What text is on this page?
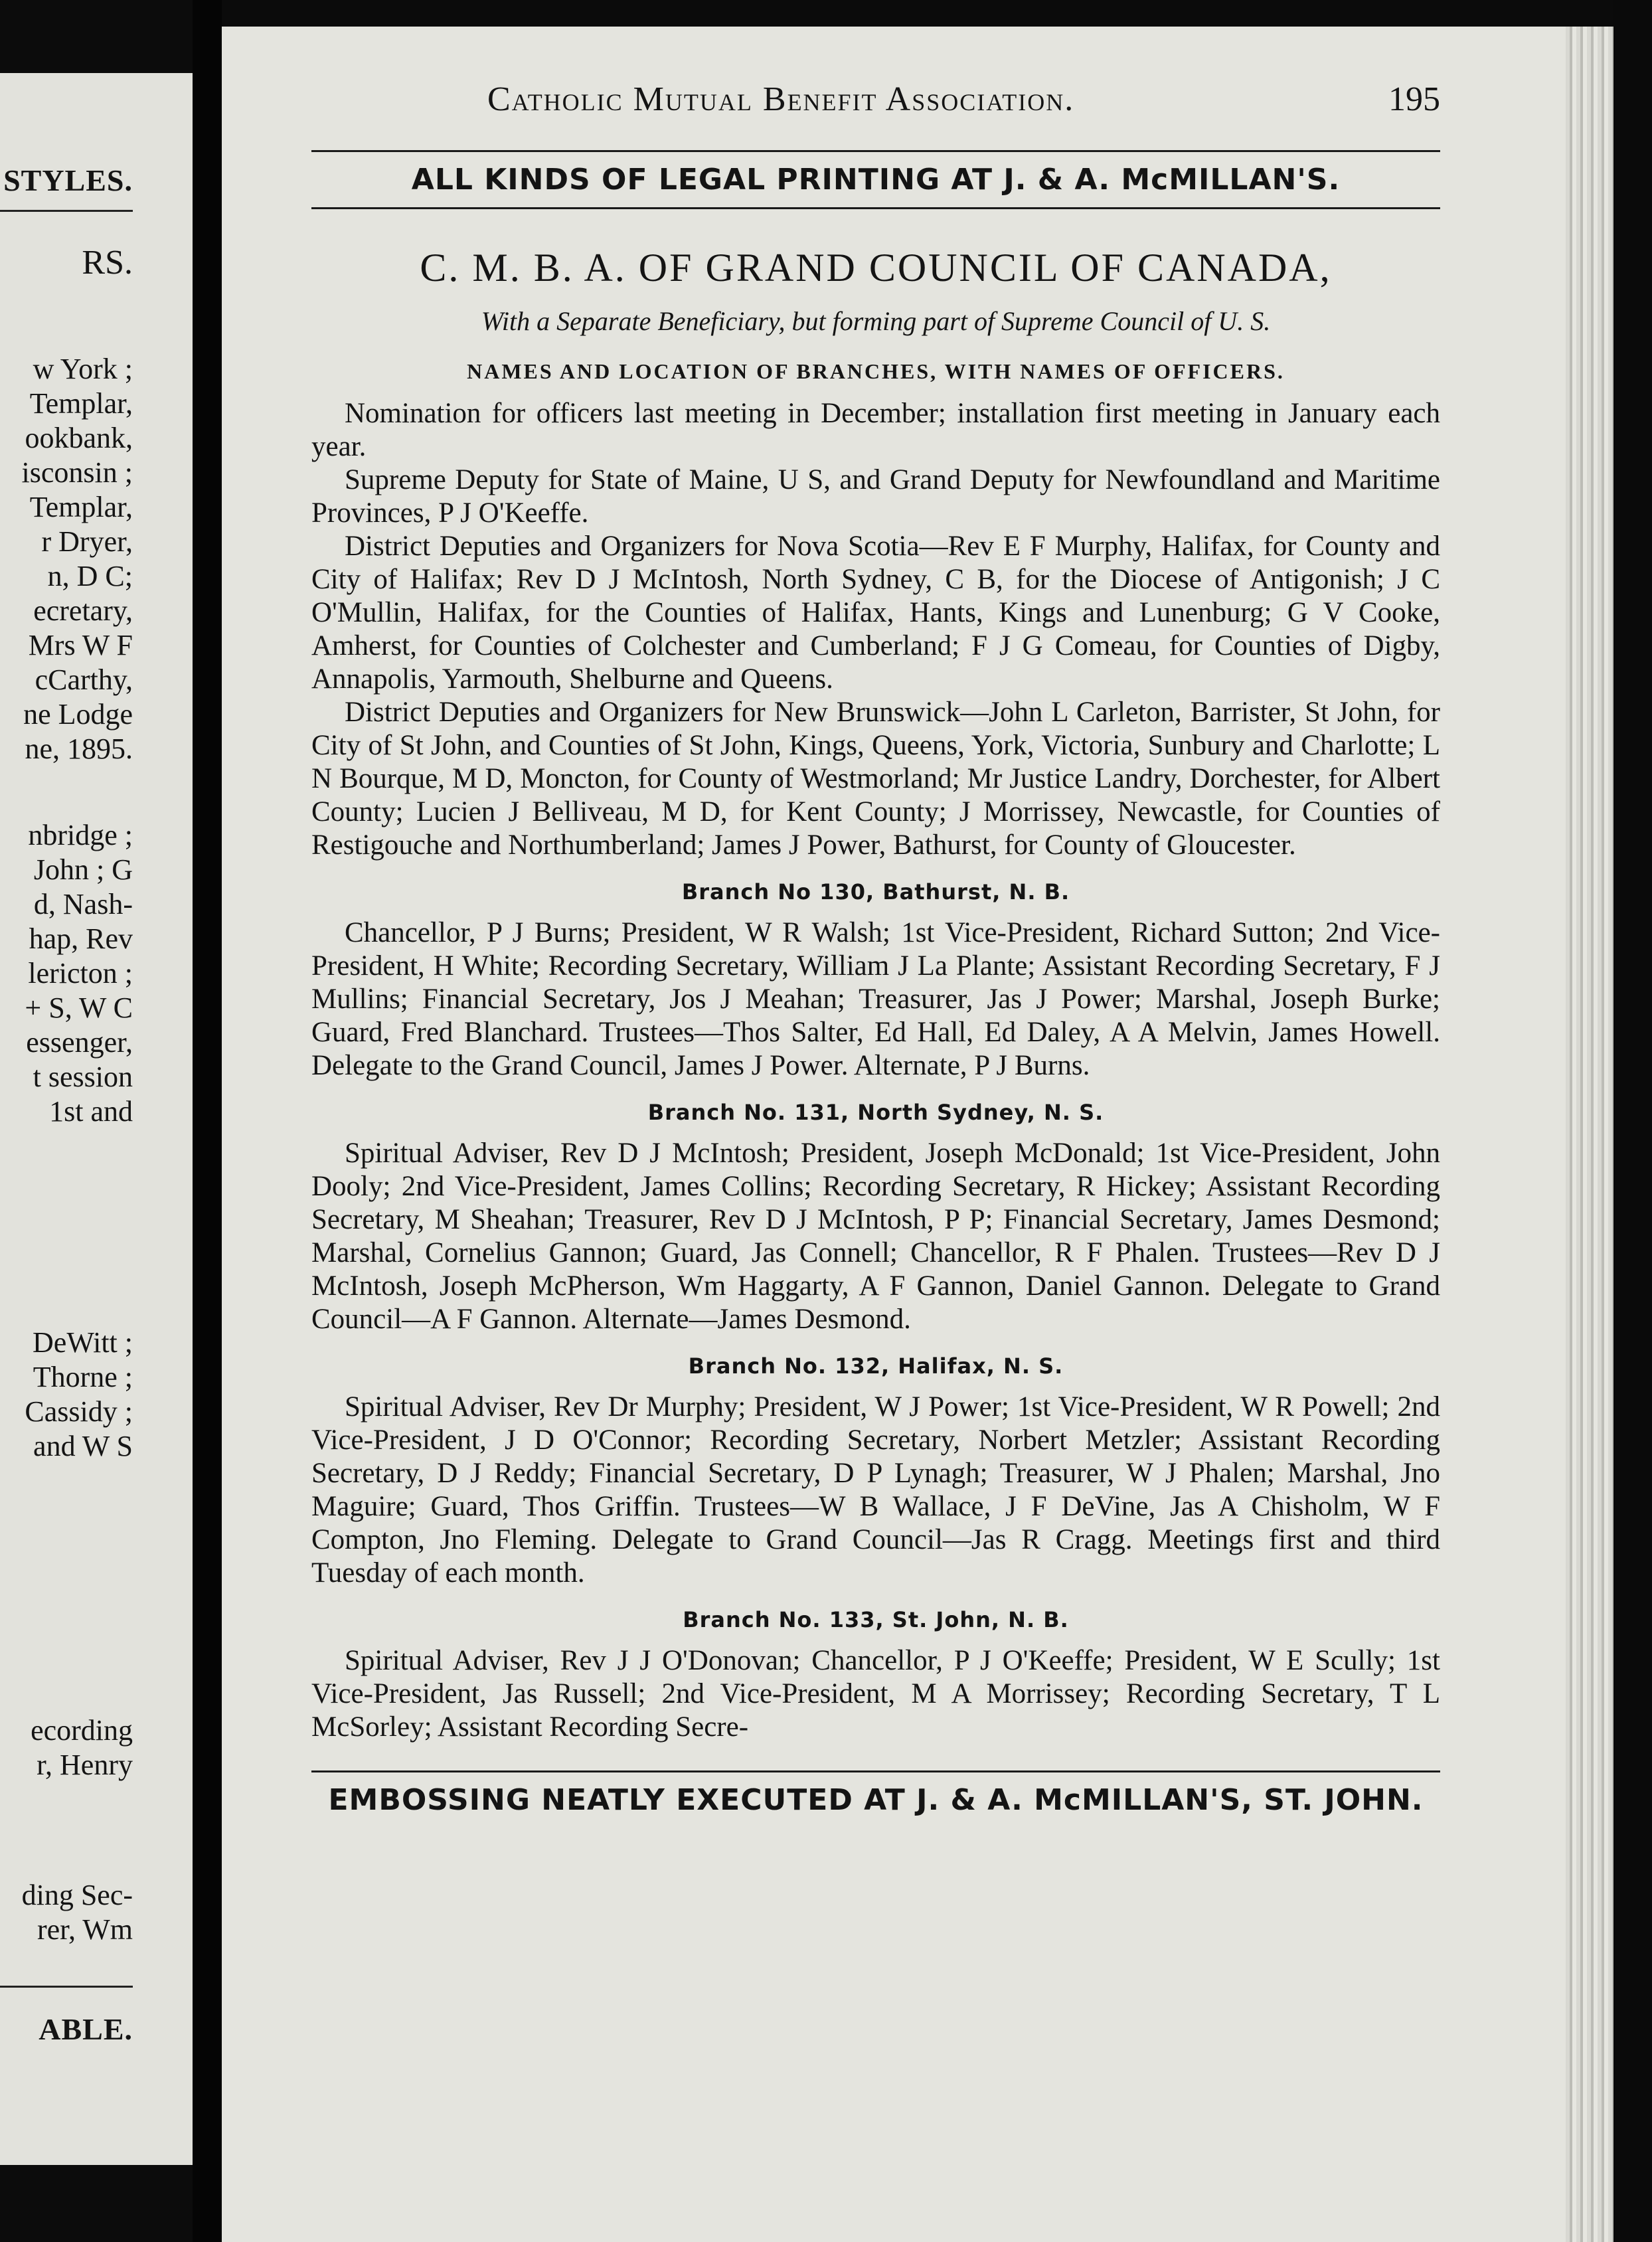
STYLES.
RS.
w York ;
Templar,
ookbank,
isconsin ;
Templar,
r Dryer,
n, D C;
ecretary,
Mrs W F
cCarthy,
ne Lodge
ne, 1895.
nbridge ;
John ; G
d, Nash-
hap, Rev
lericton ;
+ S, W C
essenger,
t session
1st and
DeWitt ;
Thorne ;
Cassidy ;
and W S
ecording
r, Henry
ding Sec-
rer, Wm
ABLE.
Catholic Mutual Benefit Association.	195
ALL KINDS OF LEGAL PRINTING AT J. & A. McMILLAN'S.
C. M. B. A. OF GRAND COUNCIL OF CANADA,
With a Separate Beneficiary, but forming part of Supreme Council of U. S.
NAMES AND LOCATION OF BRANCHES, WITH NAMES OF OFFICERS.

Nomination for officers last meeting in December; installation first meeting in January each year.

Supreme Deputy for State of Maine, U S, and Grand Deputy for Newfoundland and Maritime Provinces, P J O'Keeffe.

District Deputies and Organizers for Nova Scotia—Rev E F Murphy, Halifax, for County and City of Halifax; Rev D J McIntosh, North Sydney, C B, for the Diocese of Antigonish; J C O'Mullin, Halifax, for the Counties of Halifax, Hants, Kings and Lunenburg; G V Cooke, Amherst, for Counties of Colchester and Cumberland; F J G Comeau, for Counties of Digby, Annapolis, Yarmouth, Shelburne and Queens.

District Deputies and Organizers for New Brunswick—John L Carleton, Barrister, St John, for City of St John, and Counties of St John, Kings, Queens, York, Victoria, Sunbury and Charlotte; L N Bourque, M D, Moncton, for County of Westmorland; Mr Justice Landry, Dorchester, for Albert County; Lucien J Belliveau, M D, for Kent County; J Morrissey, Newcastle, for Counties of Restigouche and Northumberland; James J Power, Bathurst, for County of Gloucester.

Branch No 130, Bathurst, N. B.

Chancellor, P J Burns; President, W R Walsh; 1st Vice-President, Richard Sutton; 2nd Vice-President, H White; Recording Secretary, William J La Plante; Assistant Recording Secretary, F J Mullins; Financial Secretary, Jos J Meahan; Treasurer, Jas J Power; Marshal, Joseph Burke; Guard, Fred Blanchard. Trustees—Thos Salter, Ed Hall, Ed Daley, A A Melvin, James Howell. Delegate to the Grand Council, James J Power. Alternate, P J Burns.

Branch No. 131, North Sydney, N. S.

Spiritual Adviser, Rev D J McIntosh; President, Joseph McDonald; 1st Vice-President, John Dooly; 2nd Vice-President, James Collins; Recording Secretary, R Hickey; Assistant Recording Secretary, M Sheahan; Treasurer, Rev D J McIntosh, P P; Financial Secretary, James Desmond; Marshal, Cornelius Gannon; Guard, Jas Connell; Chancellor, R F Phalen. Trustees—Rev D J McIntosh, Joseph McPherson, Wm Haggarty, A F Gannon, Daniel Gannon. Delegate to Grand Council—A F Gannon. Alternate—James Desmond.

Branch No. 132, Halifax, N. S.

Spiritual Adviser, Rev Dr Murphy; President, W J Power; 1st Vice-President, W R Powell; 2nd Vice-President, J D O'Connor; Recording Secretary, Norbert Metzler; Assistant Recording Secretary, D J Reddy; Financial Secretary, D P Lynagh; Treasurer, W J Phalen; Marshal, Jno Maguire; Guard, Thos Griffin. Trustees—W B Wallace, J F DeVine, Jas A Chisholm, W F Compton, Jno Fleming. Delegate to Grand Council—Jas R Cragg. Meetings first and third Tuesday of each month.

Branch No. 133, St. John, N. B.

Spiritual Adviser, Rev J J O'Donovan; Chancellor, P J O'Keeffe; President, W E Scully; 1st Vice-President, Jas Russell; 2nd Vice-President, M A Morrissey; Recording Secretary, T L McSorley; Assistant Recording Secre-

EMBOSSING NEATLY EXECUTED AT J. & A. McMILLAN'S, ST. JOHN.
